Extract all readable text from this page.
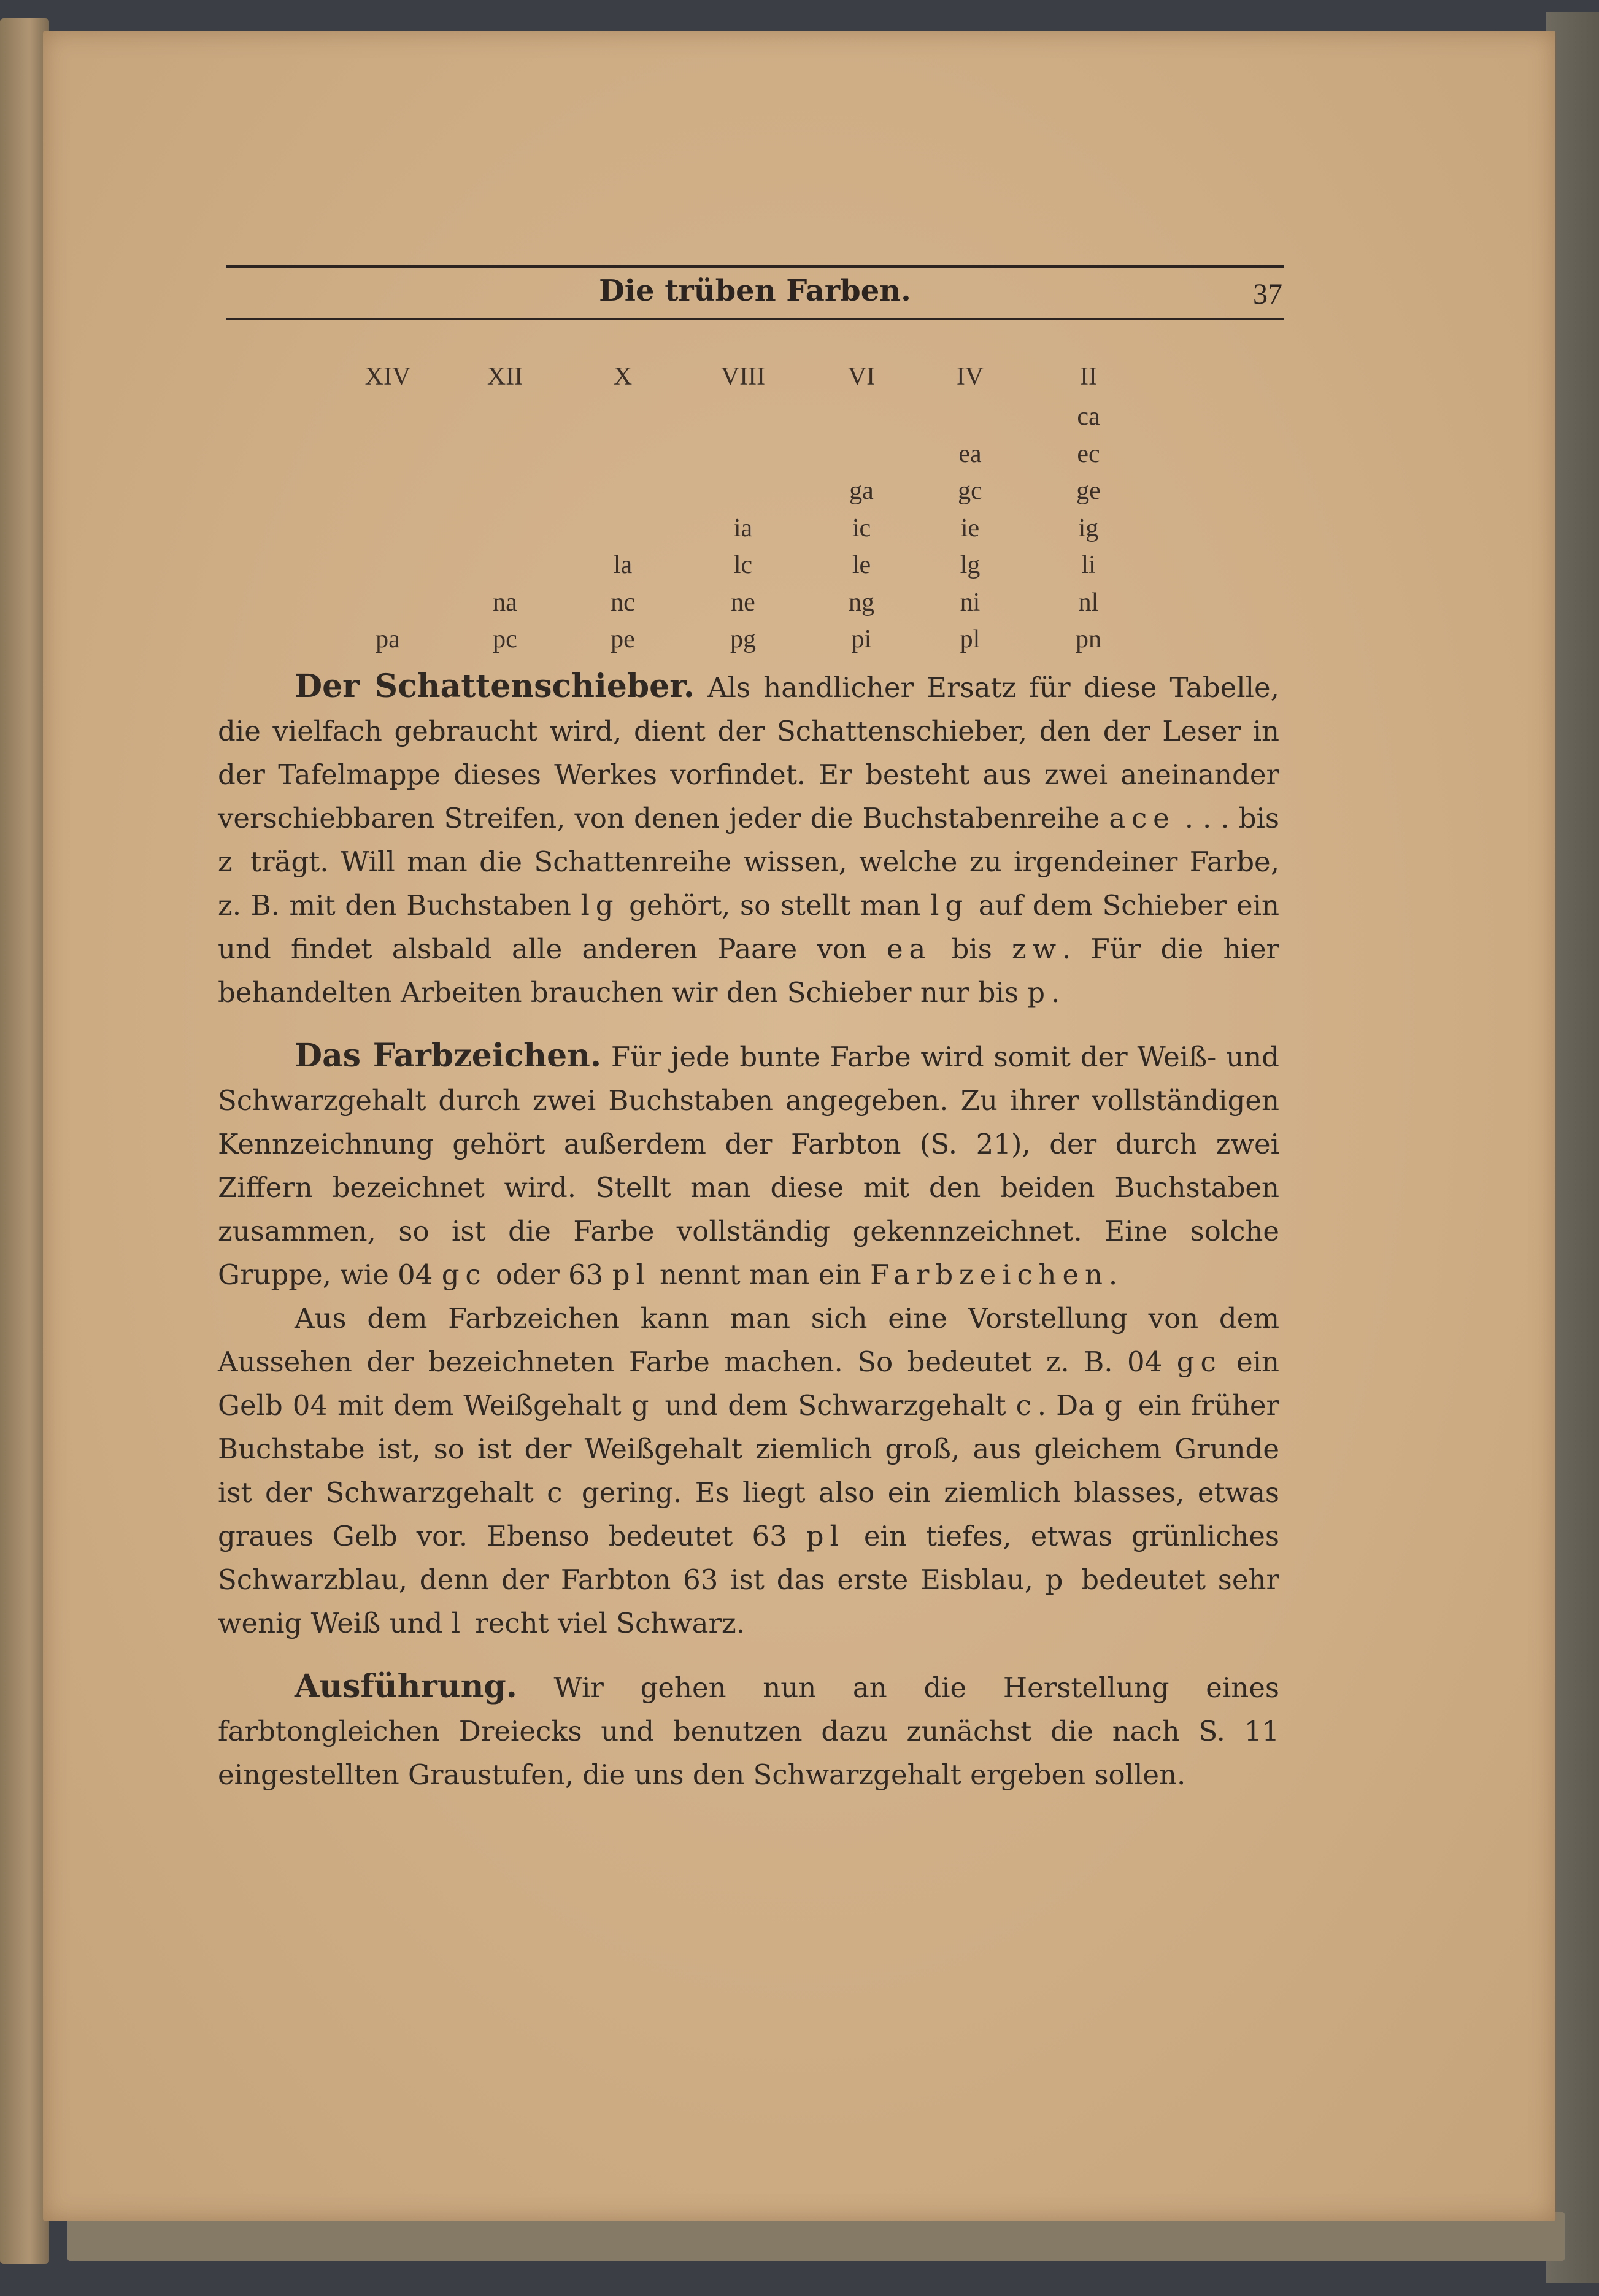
Die trüben Farben.	37
XIV
pa
XII
na
pc
X
la
nc
pe
VIII
ia
lc
ne
pg
VI
ga
ic
le
ng
pi
IV
ea
gc
ie
lg
ni
pl
II
ca
ec
ge
ig
li
nl
pn

Der Schattenschieber. Als handlicher Ersatz für diese Tabelle, die vielfach gebraucht wird, dient der Schattenschieber, den der Leser in der Tafelmappe dieses Werkes vorfindet. Er besteht aus zwei aneinander verschiebbaren Streifen, von denen jeder die Buchstabenreihe ace . . . bis z trägt. Will man die Schattenreihe wissen, welche zu irgendeiner Farbe, z. B. mit den Buchstaben lg gehört, so stellt man lg auf dem Schieber ein und findet alsbald alle anderen Paare von ea bis zw. Für die hier behandelten Arbeiten brauchen wir den Schieber nur bis p.

Das Farbzeichen. Für jede bunte Farbe wird somit der Weiß- und Schwarzgehalt durch zwei Buchstaben angegeben. Zu ihrer vollständigen Kennzeichnung gehört außerdem der Farbton (S. 21), der durch zwei Ziffern bezeichnet wird. Stellt man diese mit den beiden Buchstaben zusammen, so ist die Farbe vollständig gekennzeichnet. Eine solche Gruppe, wie 04 gc oder 63 pl nennt man ein Farbzeichen.

Aus dem Farbzeichen kann man sich eine Vorstellung von dem Aussehen der bezeichneten Farbe machen. So bedeutet z. B. 04 gc ein Gelb 04 mit dem Weißgehalt g und dem Schwarzgehalt c. Da g ein früher Buchstabe ist, so ist der Weißgehalt ziemlich groß, aus gleichem Grunde ist der Schwarzgehalt c gering. Es liegt also ein ziemlich blasses, etwas graues Gelb vor. Ebenso bedeutet 63 pl ein tiefes, etwas grünliches Schwarzblau, denn der Farbton 63 ist das erste Eisblau, p bedeutet sehr wenig Weiß und l recht viel Schwarz.

Ausführung. Wir gehen nun an die Herstellung eines farbtongleichen Dreiecks und benutzen dazu zunächst die nach S. 11 eingestellten Graustufen, die uns den Schwarzgehalt ergeben sollen.
